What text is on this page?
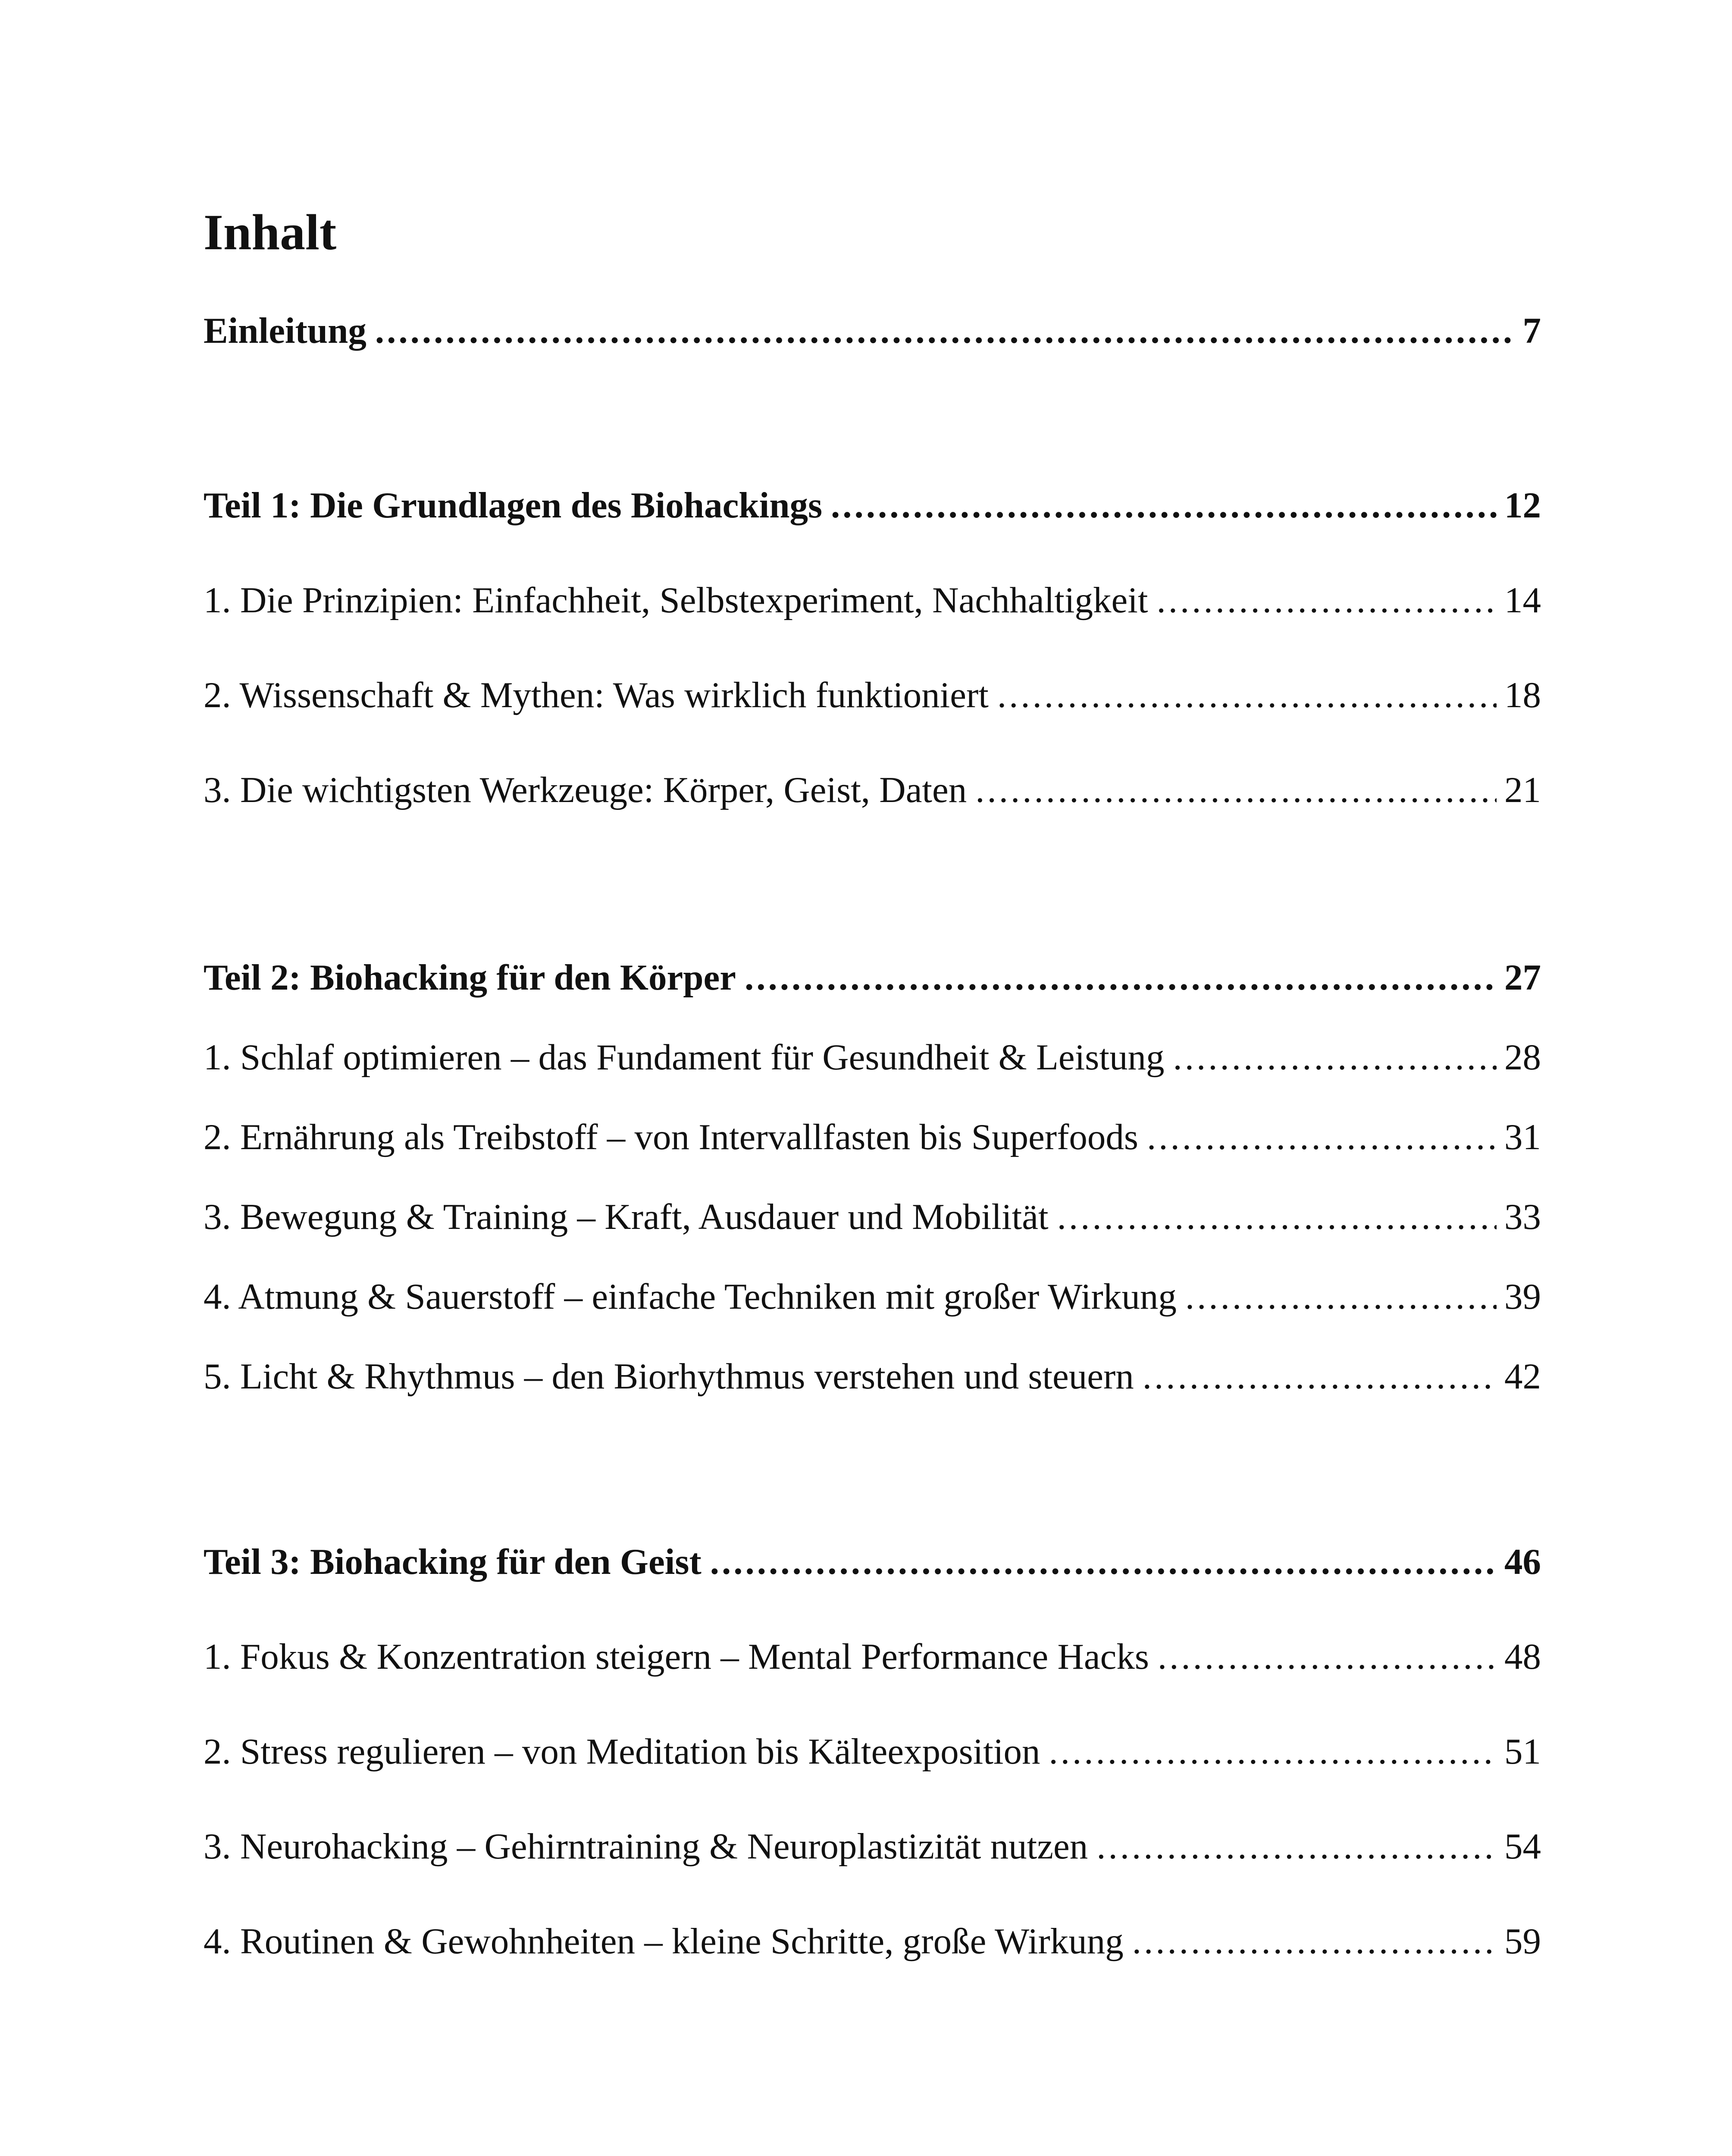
Inhalt
Einleitung .....	7
Teil 1: Die Grundlagen des Biohackings .....	12
1. Die Prinzipien: Einfachheit, Selbstexperiment, Nachhaltigkeit .....	14
2. Wissenschaft & Mythen: Was wirklich funktioniert .....	18
3. Die wichtigsten Werkzeuge: Körper, Geist, Daten .....	21
Teil 2: Biohacking für den Körper .....	27
1. Schlaf optimieren – das Fundament für Gesundheit & Leistung .....	28
2. Ernährung als Treibstoff – von Intervallfasten bis Superfoods .....	31
3. Bewegung & Training – Kraft, Ausdauer und Mobilität .....	33
4. Atmung & Sauerstoff – einfache Techniken mit großer Wirkung .....	39
5. Licht & Rhythmus – den Biorhythmus verstehen und steuern .....	42
Teil 3: Biohacking für den Geist .....	46
1. Fokus & Konzentration steigern – Mental Performance Hacks .....	48
2. Stress regulieren – von Meditation bis Kälteexposition .....	51
3. Neurohacking – Gehirntraining & Neuroplastizität nutzen .....	54
4. Routinen & Gewohnheiten – kleine Schritte, große Wirkung .....	59
